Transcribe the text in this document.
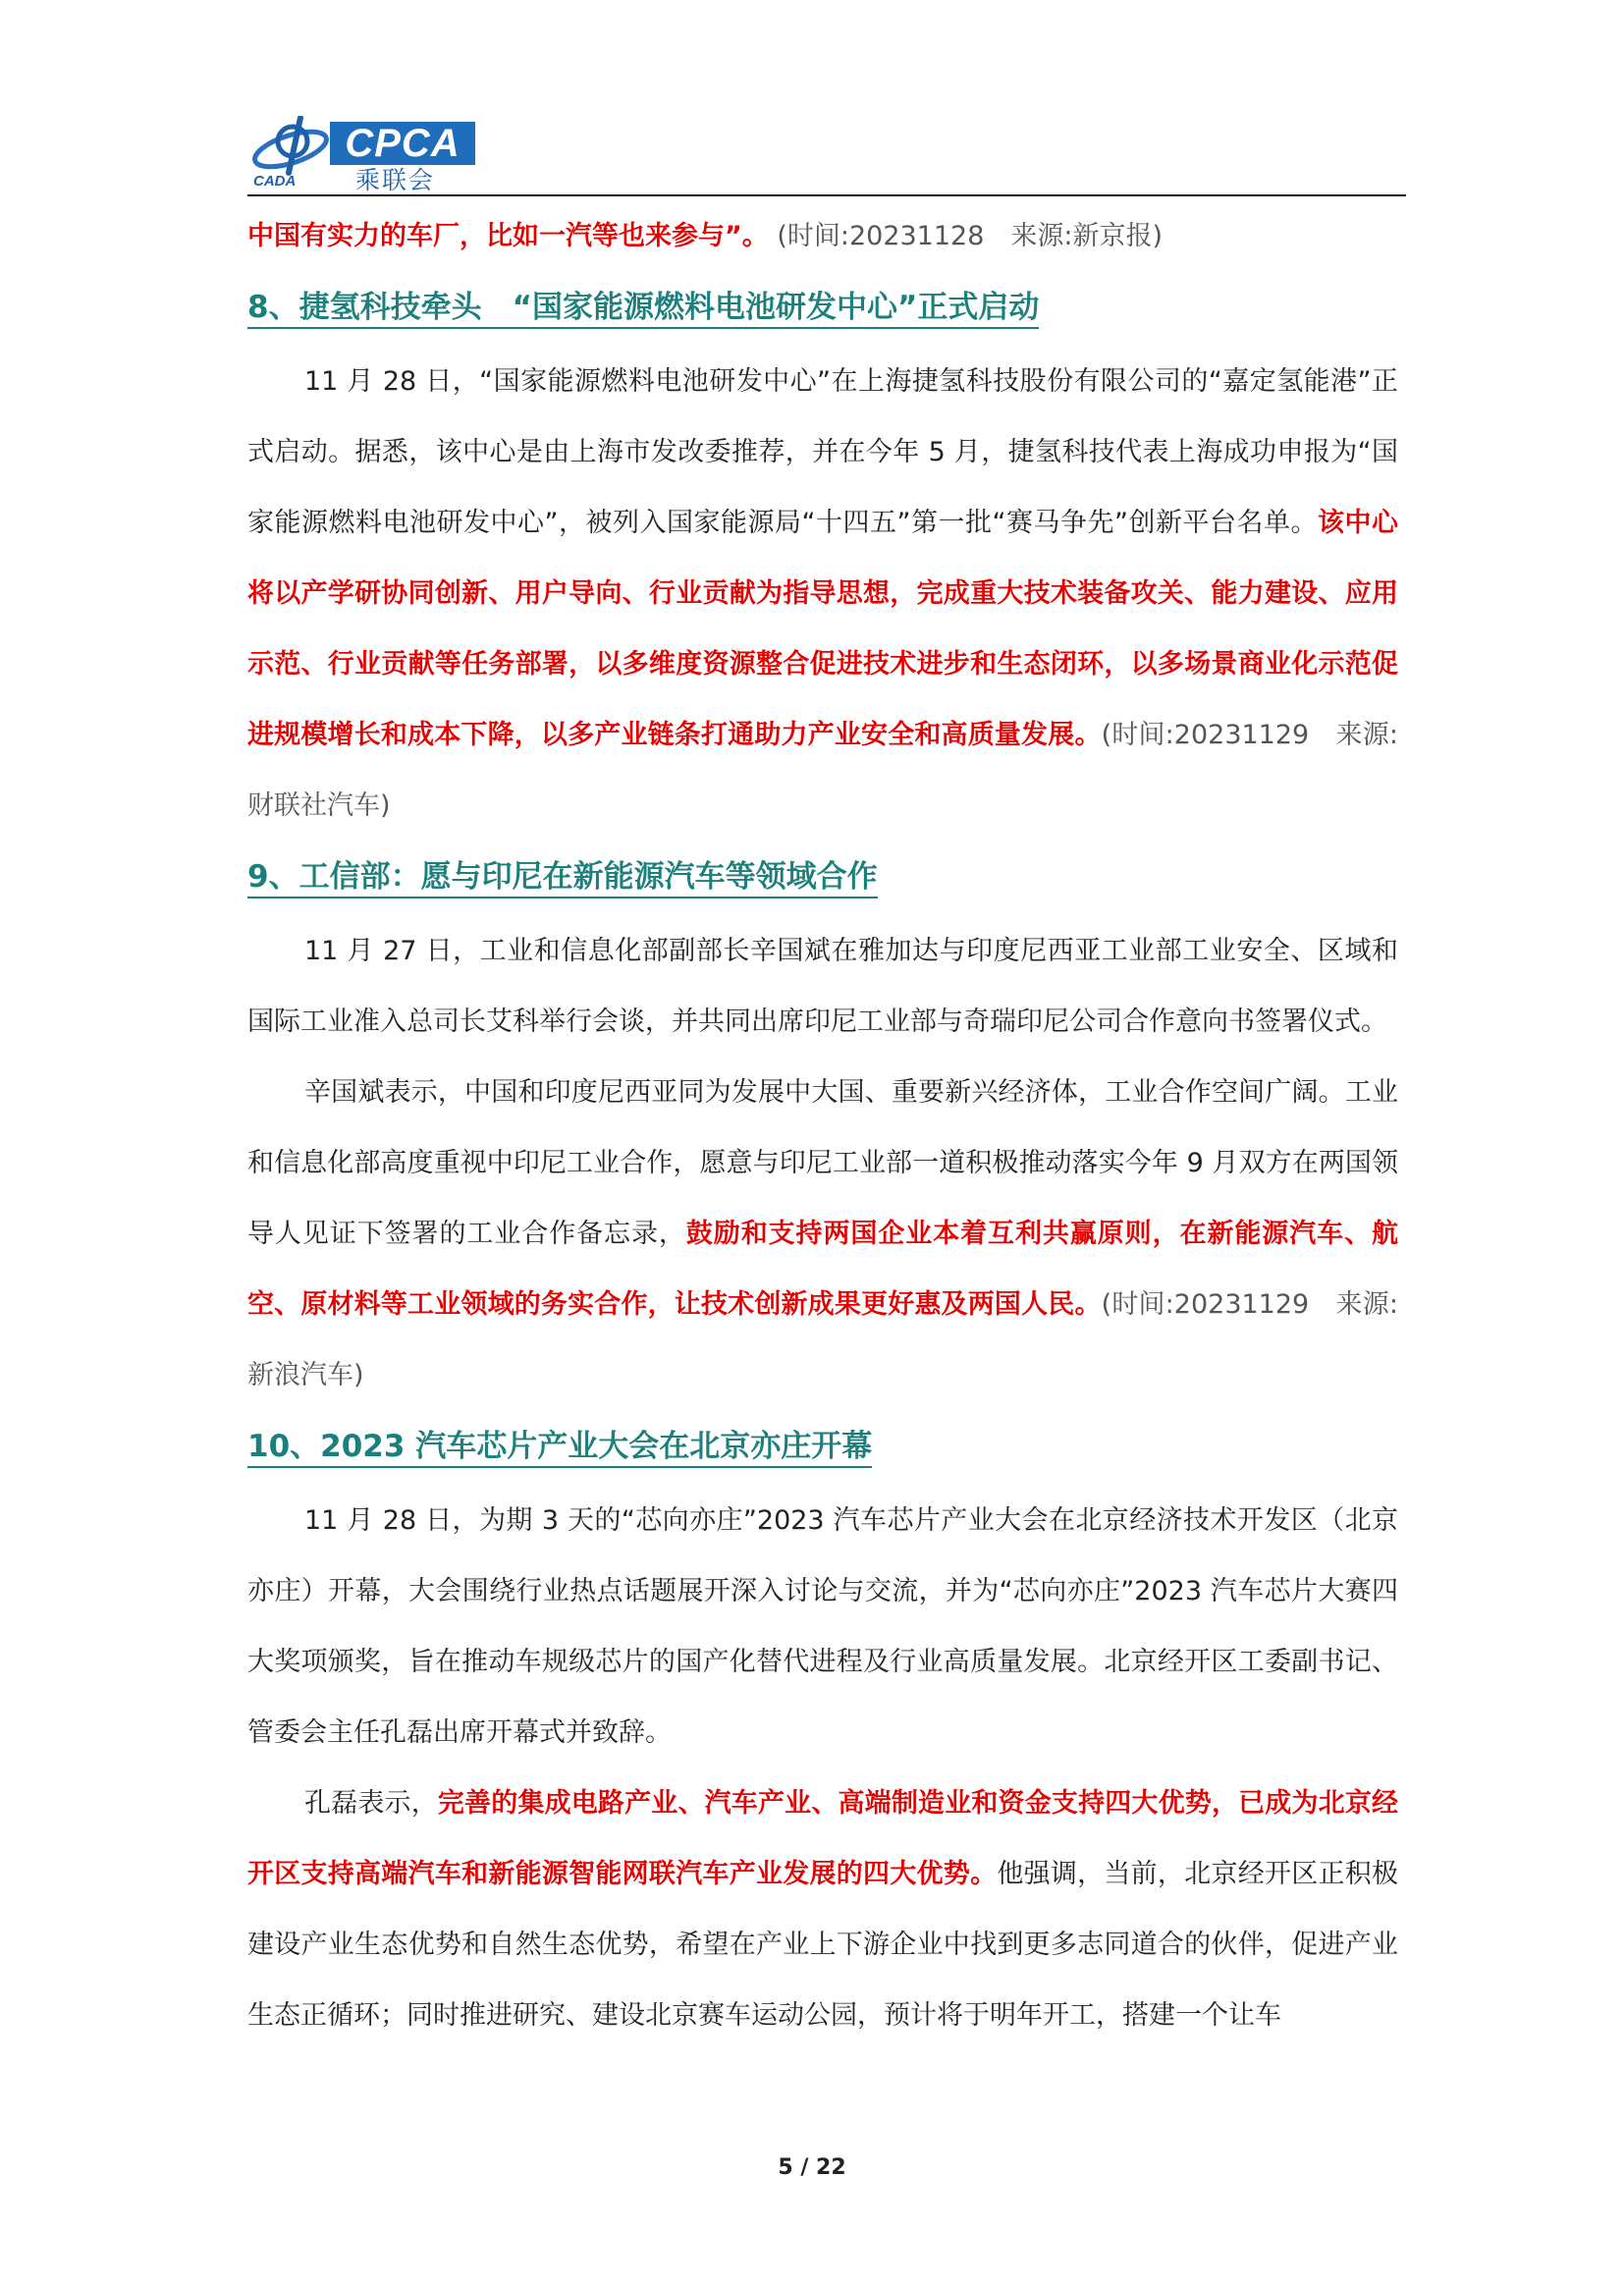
CPCA
乘联会
CADA

中国有实力的车厂，比如一汽等也来参与”。 (时间:20231128　来源:新京报)

8、捷氢科技牵头　“国家能源燃料电池研发中心”正式启动

11 月 28 日，“国家能源燃料电池研发中心”在上海捷氢科技股份有限公司的“嘉定氢能港”正式启动。据悉，该中心是由上海市发改委推荐，并在今年 5 月，捷氢科技代表上海成功申报为“国家能源燃料电池研发中心”，被列入国家能源局“十四五”第一批“赛马争先”创新平台名单。该中心将以产学研协同创新、用户导向、行业贡献为指导思想，完成重大技术装备攻关、能力建设、应用示范、行业贡献等任务部署，以多维度资源整合促进技术进步和生态闭环，以多场景商业化示范促进规模增长和成本下降，以多产业链条打通助力产业安全和高质量发展。(时间:20231129　来源:财联社汽车)

9、工信部：愿与印尼在新能源汽车等领域合作

11 月 27 日，工业和信息化部副部长辛国斌在雅加达与印度尼西亚工业部工业安全、区域和国际工业准入总司长艾科举行会谈，并共同出席印尼工业部与奇瑞印尼公司合作意向书签署仪式。

辛国斌表示，中国和印度尼西亚同为发展中大国、重要新兴经济体，工业合作空间广阔。工业和信息化部高度重视中印尼工业合作，愿意与印尼工业部一道积极推动落实今年 9 月双方在两国领导人见证下签署的工业合作备忘录，鼓励和支持两国企业本着互利共赢原则，在新能源汽车、航空、原材料等工业领域的务实合作，让技术创新成果更好惠及两国人民。(时间:20231129　来源:新浪汽车)

10、2023 汽车芯片产业大会在北京亦庄开幕

11 月 28 日，为期 3 天的“芯向亦庄”2023 汽车芯片产业大会在北京经济技术开发区（北京亦庄）开幕，大会围绕行业热点话题展开深入讨论与交流，并为“芯向亦庄”2023 汽车芯片大赛四大奖项颁奖，旨在推动车规级芯片的国产化替代进程及行业高质量发展。北京经开区工委副书记、管委会主任孔磊出席开幕式并致辞。

孔磊表示，完善的集成电路产业、汽车产业、高端制造业和资金支持四大优势，已成为北京经开区支持高端汽车和新能源智能网联汽车产业发展的四大优势。他强调，当前，北京经开区正积极建设产业生态优势和自然生态优势，希望在产业上下游企业中找到更多志同道合的伙伴，促进产业生态正循环；同时推进研究、建设北京赛车运动公园，预计将于明年开工，搭建一个让车

5 / 22
